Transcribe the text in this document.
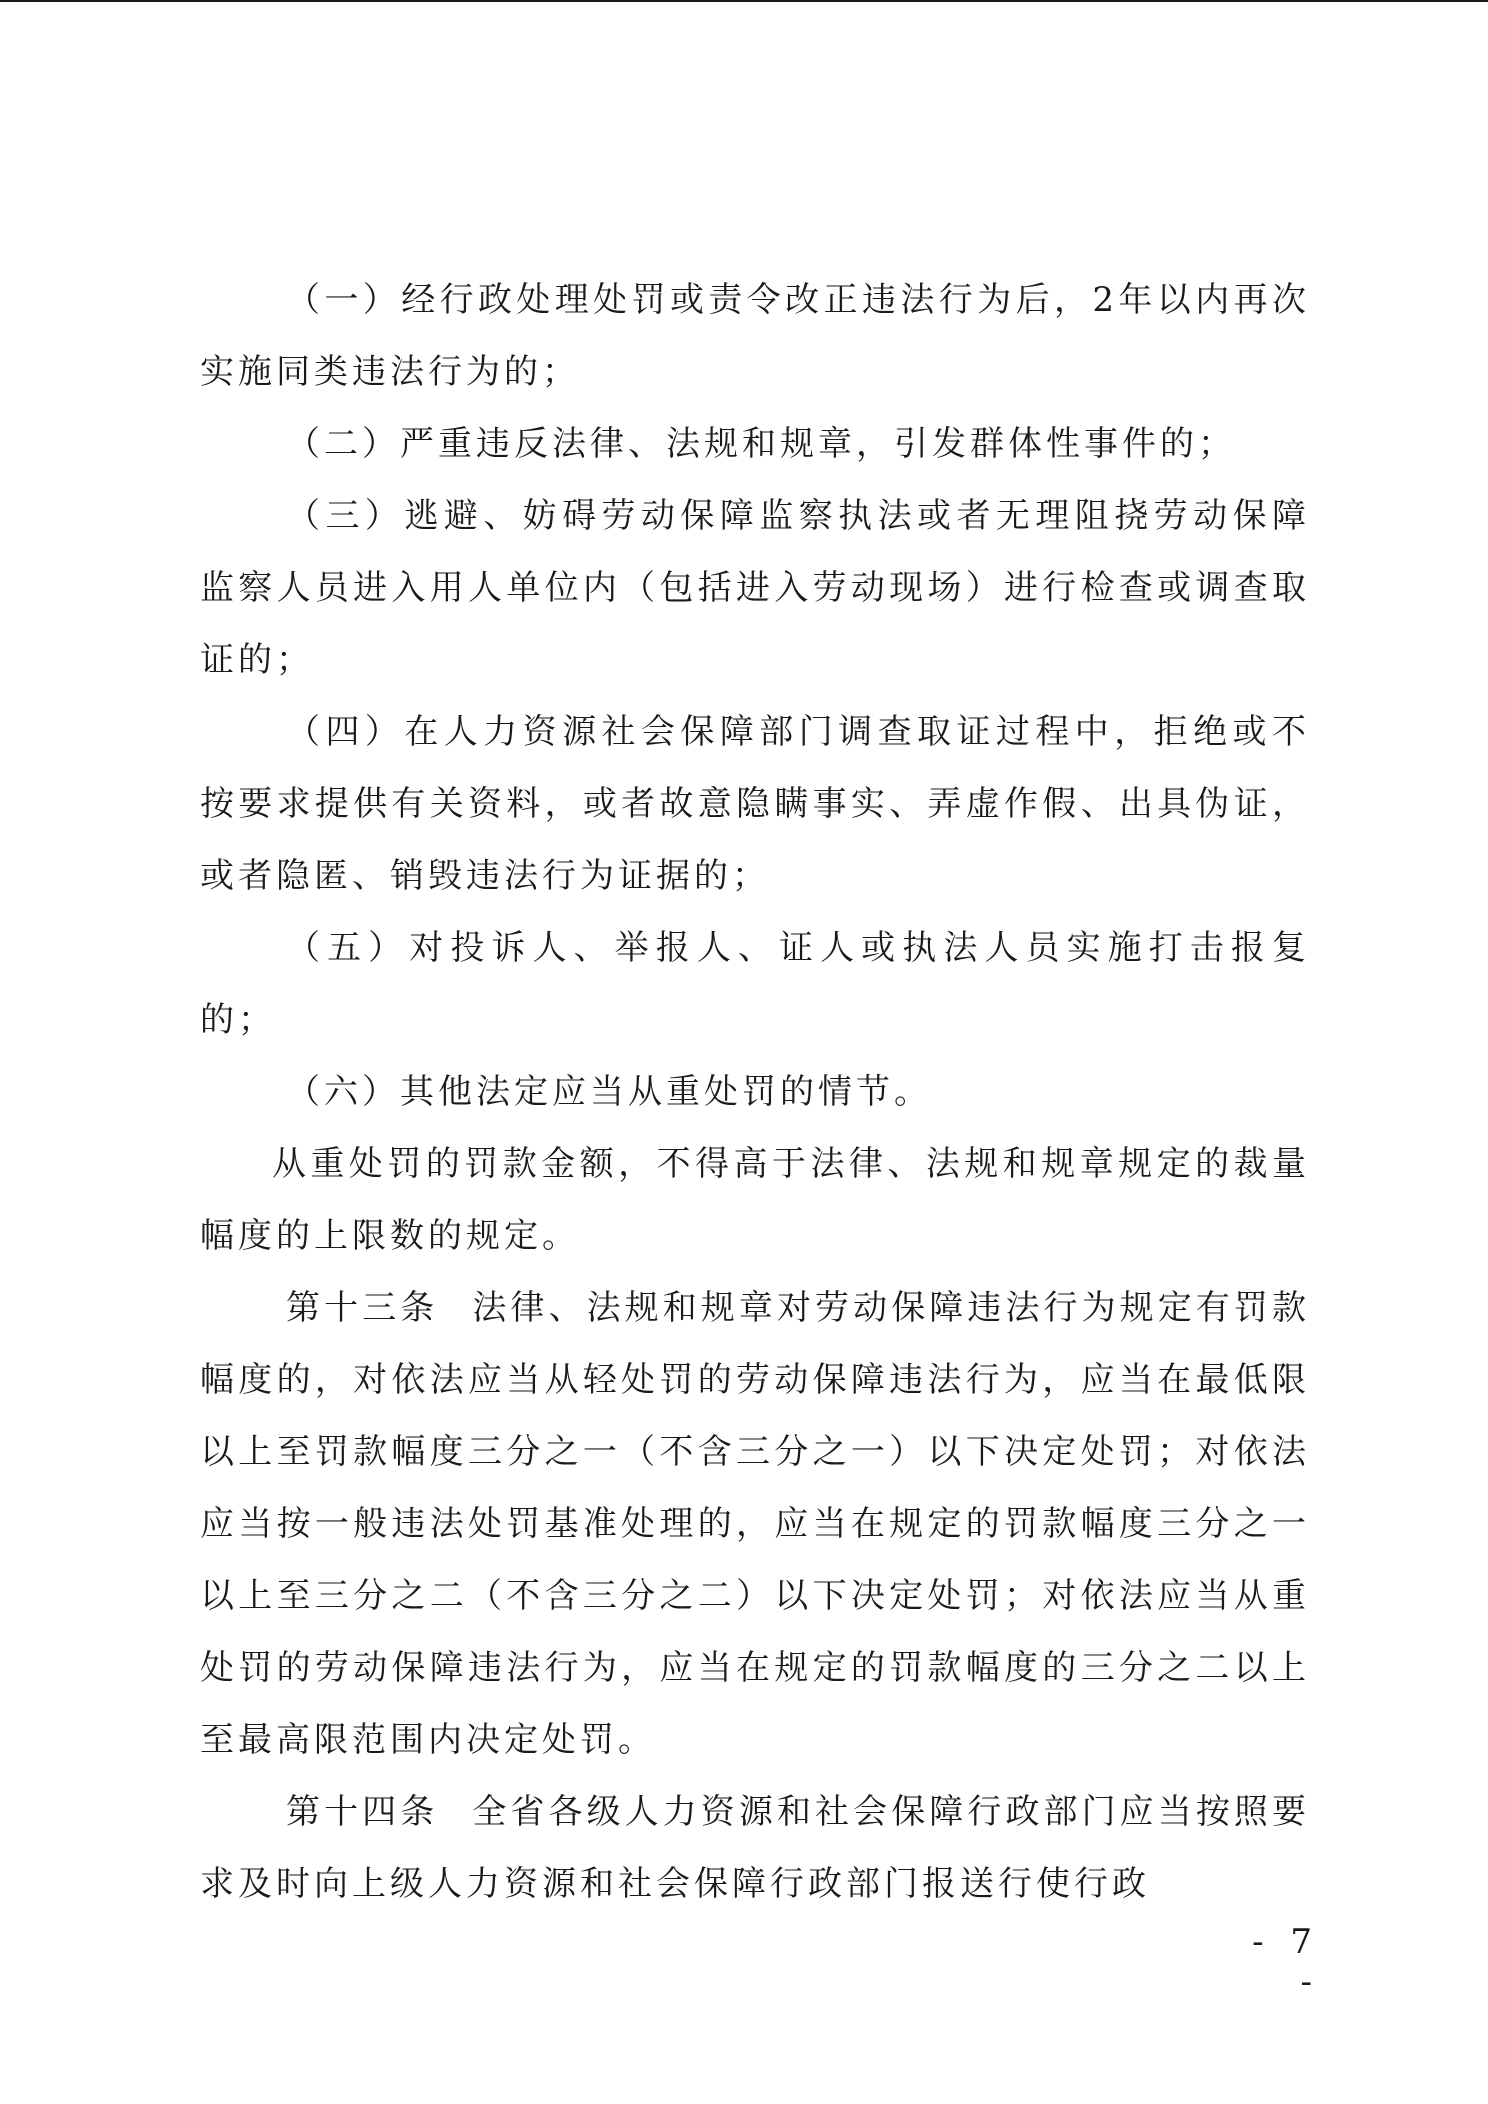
（一）经行政处理处罚或责令改正违法行为后，2年以内再次实施同类违法行为的；

（二）严重违反法律、法规和规章，引发群体性事件的；

（三）逃避、妨碍劳动保障监察执法或者无理阻挠劳动保障监察人员进入用人单位内（包括进入劳动现场）进行检查或调查取证的；

（四）在人力资源社会保障部门调查取证过程中，拒绝或不按要求提供有关资料，或者故意隐瞒事实、弄虚作假、出具伪证，或者隐匿、销毁违法行为证据的；

（五）对投诉人、举报人、证人或执法人员实施打击报复的；

（六）其他法定应当从重处罚的情节。

从重处罚的罚款金额，不得高于法律、法规和规章规定的裁量幅度的上限数的规定。

第十三条 法律、法规和规章对劳动保障违法行为规定有罚款幅度的，对依法应当从轻处罚的劳动保障违法行为，应当在最低限以上至罚款幅度三分之一（不含三分之一）以下决定处罚；对依法应当按一般违法处罚基准处理的，应当在规定的罚款幅度三分之一以上至三分之二（不含三分之二）以下决定处罚；对依法应当从重处罚的劳动保障违法行为，应当在规定的罚款幅度的三分之二以上至最高限范围内决定处罚。

第十四条 全省各级人力资源和社会保障行政部门应当按照要求及时向上级人力资源和社会保障行政部门报送行使行政

- 7 -
